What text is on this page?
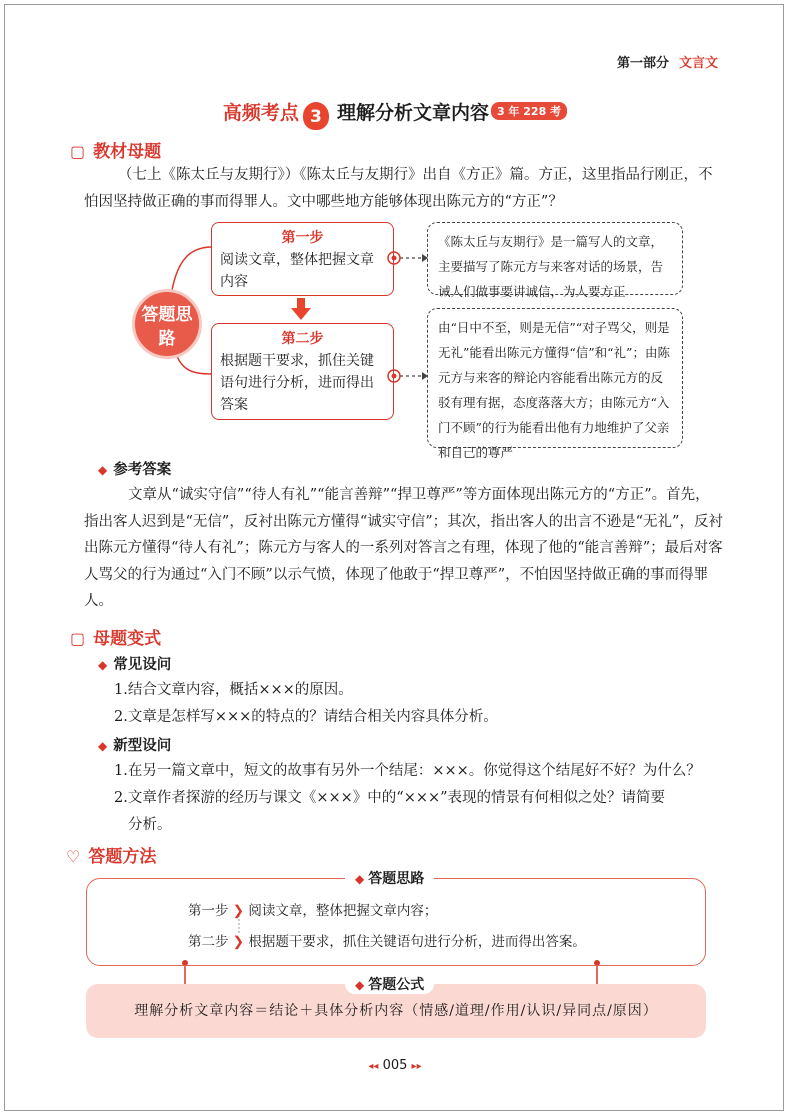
第一部分 文言文
高频考点 3 理解分析文章内容 3 年 228 考
▢ 教材母题
（七上《陈太丘与友期行》）《陈太丘与友期行》出自《方正》篇。方正，这里指品行刚正，不怕因坚持做正确的事而得罪人。文中哪些地方能够体现出陈元方的“方正”？
答题思路
第一步
阅读文章，整体把握文章内容
第二步
根据题干要求，抓住关键语句进行分析，进而得出答案
《陈太丘与友期行》是一篇写人的文章，主要描写了陈元方与来客对话的场景，告诫人们做事要讲诚信，为人要方正
由“日中不至，则是无信”“对子骂父，则是无礼”能看出陈元方懂得“信”和“礼”；由陈元方与来客的辩论内容能看出陈元方的反驳有理有据，态度落落大方；由陈元方“入门不顾”的行为能看出他有力地维护了父亲和自己的尊严
◆ 参考答案
文章从“诚实守信”“待人有礼”“能言善辩”“捍卫尊严”等方面体现出陈元方的“方正”。首先，指出客人迟到是“无信”，反衬出陈元方懂得“诚实守信”；其次，指出客人的出言不逊是“无礼”，反衬出陈元方懂得“待人有礼”；陈元方与客人的一系列对答言之有理，体现了他的“能言善辩”；最后对客人骂父的行为通过“入门不顾”以示气愤，体现了他敢于“捍卫尊严”，不怕因坚持做正确的事而得罪人。
▢ 母题变式
◆ 常见设问
1.结合文章内容，概括×××的原因。
2.文章是怎样写×××的特点的？请结合相关内容具体分析。
◆ 新型设问
1.在另一篇文章中，短文的故事有另外一个结尾：×××。你觉得这个结尾好不好？为什么？
2.文章作者探游的经历与课文《×××》中的“×××”表现的情景有何相似之处？请简要
分析。
♡ 答题方法
◆ 答题思路
第一步 ❯ 阅读文章，整体把握文章内容；
第二步 ❯ 根据题干要求，抓住关键语句进行分析，进而得出答案。
理解分析文章内容＝结论＋具体分析内容（情感/道理/作用/认识/异同点/原因）
◆ 答题公式
◂◂ 005 ▸▸
